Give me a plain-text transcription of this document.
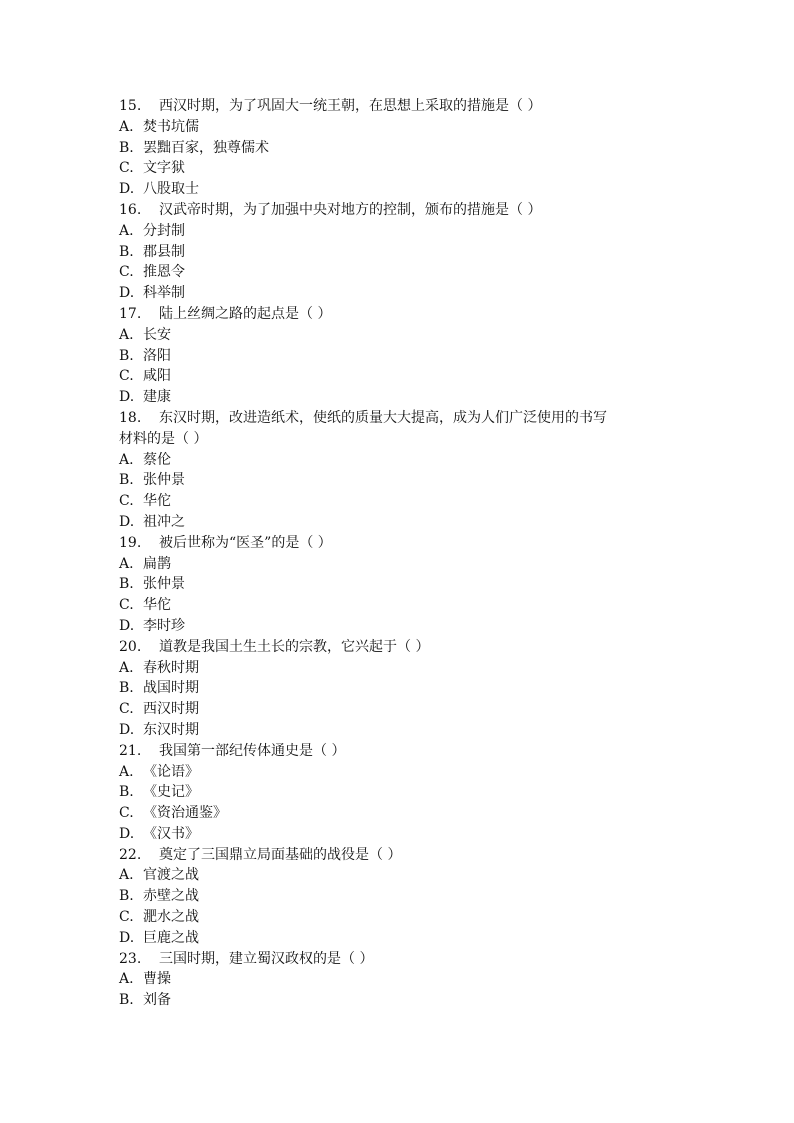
15. 西汉时期，为了巩固大一统王朝，在思想上采取的措施是（ ）
A. 焚书坑儒
B. 罢黜百家，独尊儒术
C. 文字狱
D. 八股取士
16. 汉武帝时期，为了加强中央对地方的控制，颁布的措施是（ ）
A. 分封制
B. 郡县制
C. 推恩令
D. 科举制
17. 陆上丝绸之路的起点是（ ）
A. 长安
B. 洛阳
C. 咸阳
D. 建康
18. 东汉时期，改进造纸术，使纸的质量大大提高，成为人们广泛使用的书写
材料的是（ ）
A. 蔡伦
B. 张仲景
C. 华佗
D. 祖冲之
19. 被后世称为“医圣”的是（ ）
A. 扁鹊
B. 张仲景
C. 华佗
D. 李时珍
20. 道教是我国土生土长的宗教，它兴起于（ ）
A. 春秋时期
B. 战国时期
C. 西汉时期
D. 东汉时期
21. 我国第一部纪传体通史是（ ）
A. 《论语》
B. 《史记》
C. 《资治通鉴》
D. 《汉书》
22. 奠定了三国鼎立局面基础的战役是（ ）
A. 官渡之战
B. 赤壁之战
C. 淝水之战
D. 巨鹿之战
23. 三国时期，建立蜀汉政权的是（ ）
A. 曹操
B. 刘备
